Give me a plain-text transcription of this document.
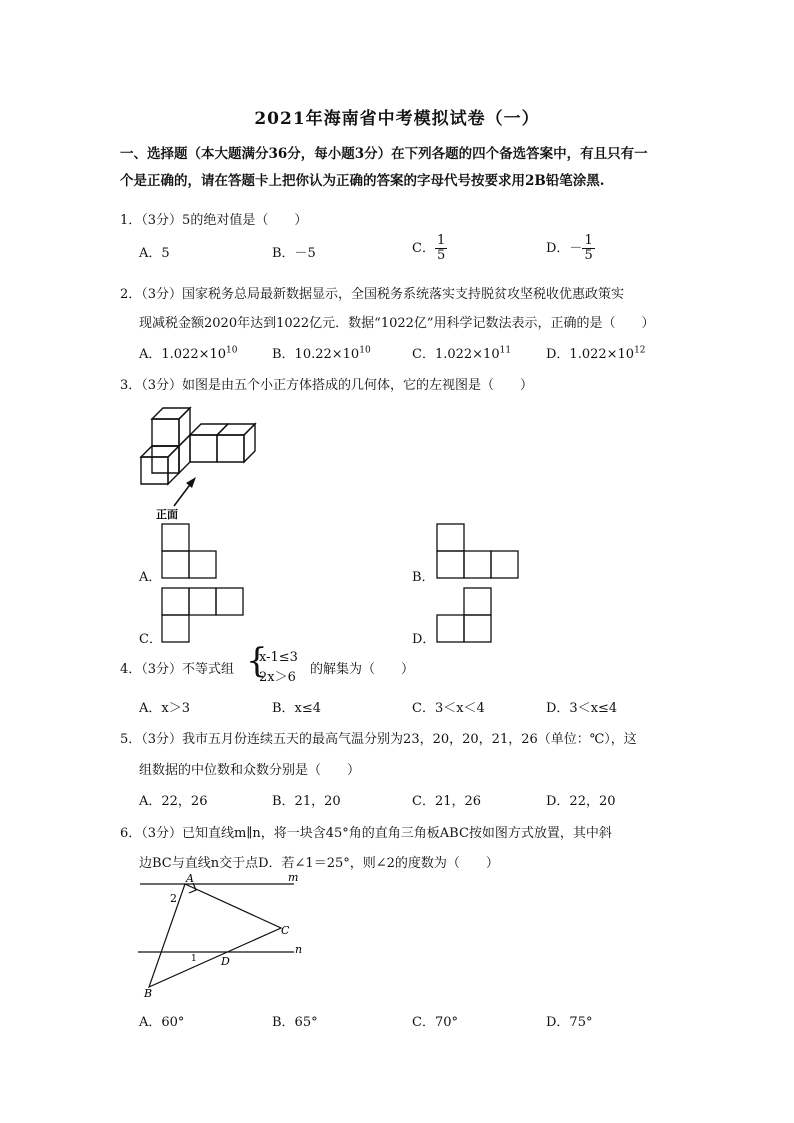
2021年海南省中考模拟试卷（一）
一、选择题（本大题满分36分，每小题3分）在下列各题的四个备选答案中，有且只有一
个是正确的，请在答题卡上把你认为正确的答案的字母代号按要求用2B铅笔涂黑.
1．（3分）5的绝对值是（　　）
A．5	B．－5	C． $\frac{1}{5}$	D．－ $\frac{1}{5}$
2．（3分）国家税务总局最新数据显示，全国税务系统落实支持脱贫攻坚税收优惠政策实
现减税金额2020年达到1022亿元．数据“1022亿”用科学记数法表示，正确的是（　　）
A．$1.022\times 10^{10}$	B．$10.22\times 10^{10}$	C．$1.022\times 10^{11}$	D．$1.022\times 10^{12}$
3．（3分）如图是由五个小正方体搭成的几何体，它的左视图是（　　）
正面
A．	B．
C．	D．
4．（3分）不等式组 {
x-1≤3
2x＞6
的解集为（　　）
A．x＞3	B．x≤4	C．3＜x＜4	D．3＜x≤4
5．（3分）我市五月份连续五天的最高气温分别为23，20，20，21，26（单位：℃），这
组数据的中位数和众数分别是（　　）
A．22，26	B．21，20	C．21，26	D．22，20
6．（3分）已知直线m∥n，将一块含45°角的直角三角板ABC按如图方式放置，其中斜
边BC与直线n交于点D．若∠1＝25°，则∠2的度数为（　　）
A	m
2
C
n
1 D
B
A．60°	B．65°	C．70°	D．75°
